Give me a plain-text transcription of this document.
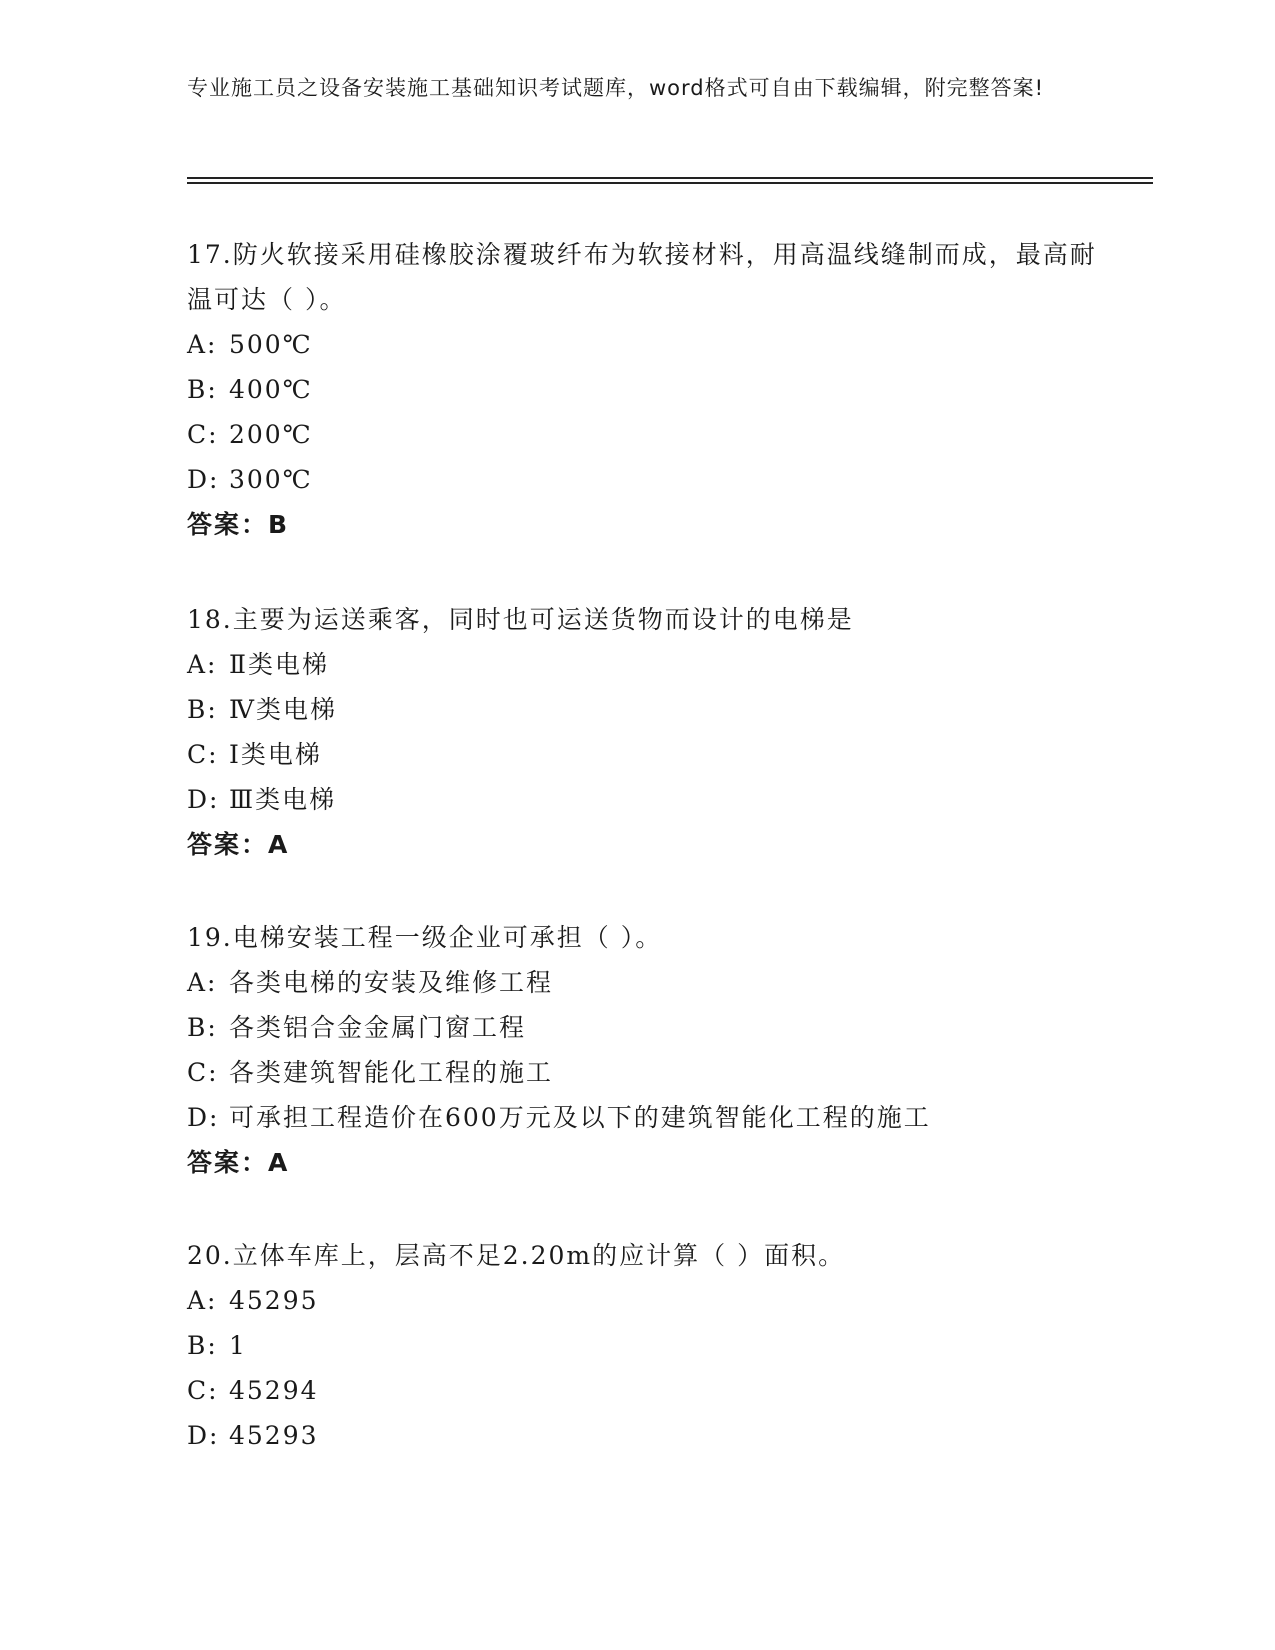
专业施工员之设备安装施工基础知识考试题库，word格式可自由下载编辑，附完整答案!

17.防火软接采用硅橡胶涂覆玻纤布为软接材料，用高温线缝制而成，最高耐温可达（ ）。

A: 500℃

B: 400℃

C: 200℃

D: 300℃

答案：B

18.主要为运送乘客，同时也可运送货物而设计的电梯是

A: Ⅱ类电梯

B: Ⅳ类电梯

C: Ⅰ类电梯

D: Ⅲ类电梯

答案：A

19.电梯安装工程一级企业可承担（ ）。

A: 各类电梯的安装及维修工程

B: 各类铝合金金属门窗工程

C: 各类建筑智能化工程的施工

D: 可承担工程造价在600万元及以下的建筑智能化工程的施工

答案：A

20.立体车库上，层高不足2.20m的应计算（ ）面积。

A: 45295

B: 1

C: 45294

D: 45293
